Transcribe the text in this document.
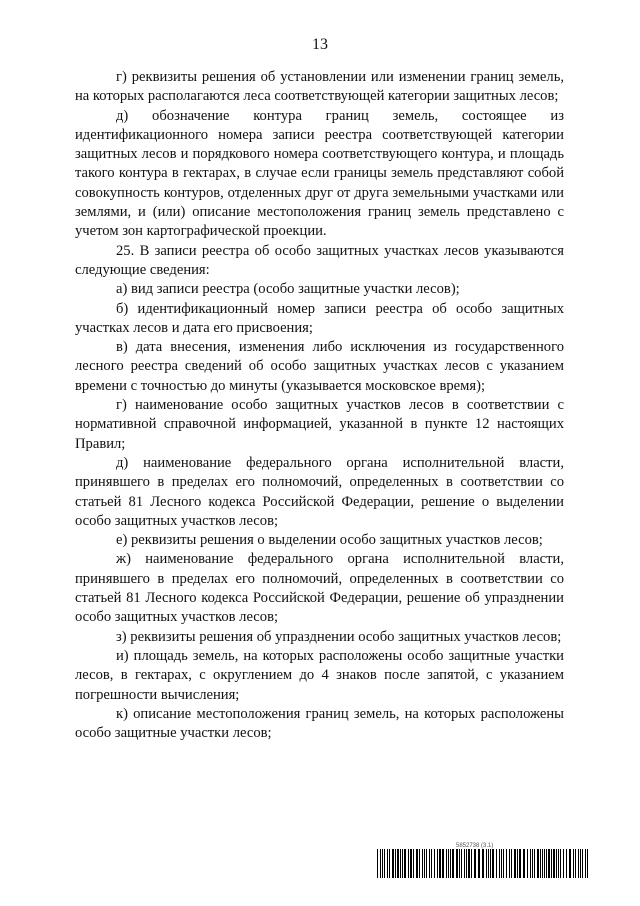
13

г) реквизиты решения об установлении или изменении границ земель, на которых располагаются леса соответствующей категории защитных лесов;

д) обозначение контура границ земель, состоящее из идентификационного номера записи реестра соответствующей категории защитных лесов и порядкового номера соответствующего контура, и площадь такого контура в гектарах, в случае если границы земель представляют собой совокупность контуров, отделенных друг от друга земельными участками или землями, и (или) описание местоположения границ земель представлено с учетом зон картографической проекции.

25. В записи реестра об особо защитных участках лесов указываются следующие сведения:

а) вид записи реестра (особо защитные участки лесов);

б) идентификационный номер записи реестра об особо защитных участках лесов и дата его присвоения;

в) дата внесения, изменения либо исключения из государственного лесного реестра сведений об особо защитных участках лесов с указанием времени с точностью до минуты (указывается московское время);

г) наименование особо защитных участков лесов в соответствии с нормативной справочной информацией, указанной в пункте 12 настоящих Правил;

д) наименование федерального органа исполнительной власти, принявшего в пределах его полномочий, определенных в соответствии со статьей 81 Лесного кодекса Российской Федерации, решение о выделении особо защитных участков лесов;

е) реквизиты решения о выделении особо защитных участков лесов;

ж) наименование федерального органа исполнительной власти, принявшего в пределах его полномочий, определенных в соответствии со статьей 81 Лесного кодекса Российской Федерации, решение об упразднении особо защитных участков лесов;

з) реквизиты решения об упразднении особо защитных участков лесов;

и) площадь земель, на которых расположены особо защитные участки лесов, в гектарах, с округлением до 4 знаков после запятой, с указанием погрешности вычисления;

к) описание местоположения границ земель, на которых расположены особо защитные участки лесов;

5852738 (3.1)
